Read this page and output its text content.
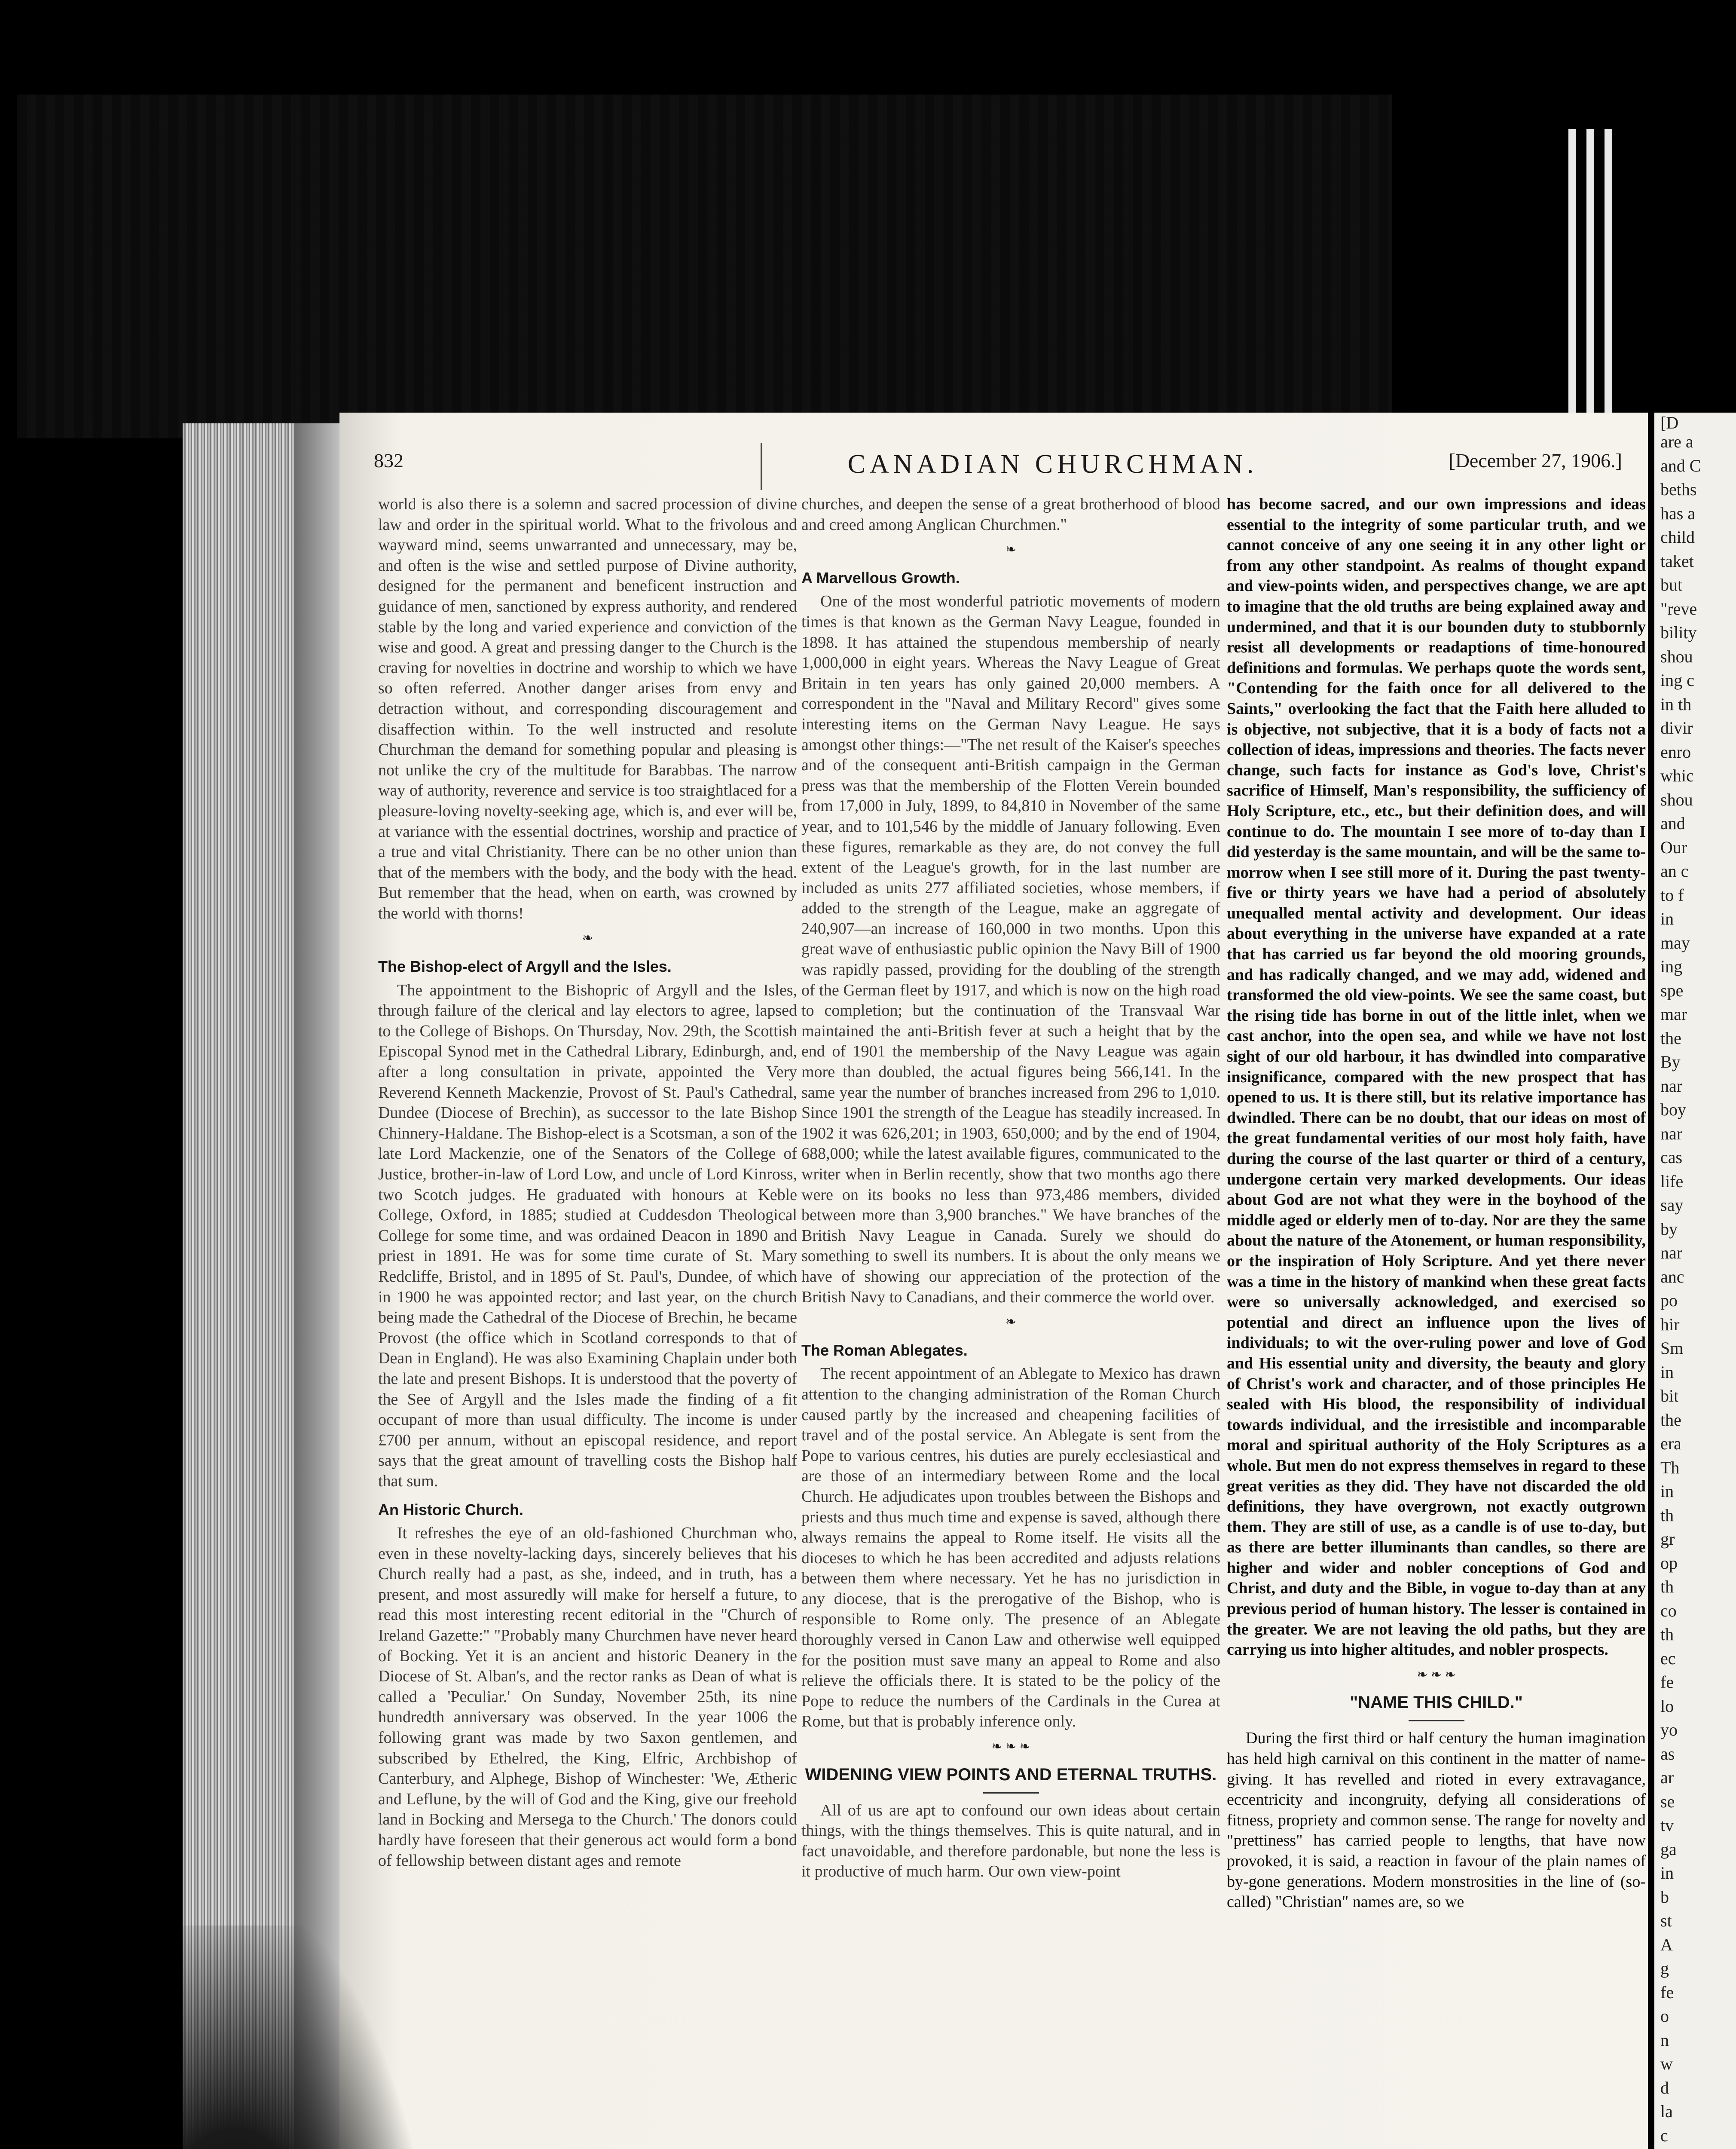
[D
are a
and C
beths
has a
child
taket
but
"reve
bility
shou
ing c
in th
divir
enro
whic
shou
and
Our
an c
to f
in
may
ing
spe
mar
the
By
nar
boy
nar
cas
life
say
by
nar
anc
po
hir
Sm
in
bit
the
era
Th
in
th
gr
op
th
co
th
ec
fe
lo
yo
as
ar
se
tv
ga
in
b
st
A
g
fe
o
n
w
d
la
c

832	CANADIAN CHURCHMAN.	[December 27, 1906.]

world is also there is a solemn and sacred procession of divine law and order in the spiritual world. What to the frivolous and wayward mind, seems unwarranted and unnecessary, may be, and often is the wise and settled purpose of Divine authority, designed for the permanent and beneficent instruction and guidance of men, sanctioned by express authority, and rendered stable by the long and varied experience and conviction of the wise and good. A great and pressing danger to the Church is the craving for novelties in doctrine and worship to which we have so often referred. Another danger arises from envy and detraction without, and corresponding discouragement and disaffection within. To the well instructed and resolute Churchman the demand for something popular and pleasing is not unlike the cry of the multitude for Barabbas. The narrow way of authority, reverence and service is too straightlaced for a pleasure-loving novelty-seeking age, which is, and ever will be, at variance with the essential doctrines, worship and practice of a true and vital Christianity. There can be no other union than that of the members with the body, and the body with the head. But remember that the head, when on earth, was crowned by the world with thorns!

❧
The Bishop-elect of Argyll and the Isles.

The appointment to the Bishopric of Argyll and the Isles, through failure of the clerical and lay electors to agree, lapsed to the College of Bishops. On Thursday, Nov. 29th, the Scottish Episcopal Synod met in the Cathedral Library, Edinburgh, and, after a long consultation in private, appointed the Very Reverend Kenneth Mackenzie, Provost of St. Paul's Cathedral, Dundee (Diocese of Brechin), as successor to the late Bishop Chinnery-Haldane. The Bishop-elect is a Scotsman, a son of the late Lord Mackenzie, one of the Senators of the College of Justice, brother-in-law of Lord Low, and uncle of Lord Kinross, two Scotch judges. He graduated with honours at Keble College, Oxford, in 1885; studied at Cuddesdon Theological College for some time, and was ordained Deacon in 1890 and priest in 1891. He was for some time curate of St. Mary Redcliffe, Bristol, and in 1895 of St. Paul's, Dundee, of which in 1900 he was appointed rector; and last year, on the church being made the Cathedral of the Diocese of Brechin, he became Provost (the office which in Scotland corresponds to that of Dean in England). He was also Examining Chaplain under both the late and present Bishops. It is understood that the poverty of the See of Argyll and the Isles made the finding of a fit occupant of more than usual difficulty. The income is under £700 per annum, without an episcopal residence, and report says that the great amount of travelling costs the Bishop half that sum.

An Historic Church.

It refreshes the eye of an old-fashioned Churchman who, even in these novelty-lacking days, sincerely believes that his Church really had a past, as she, indeed, and in truth, has a present, and most assuredly will make for herself a future, to read this most interesting recent editorial in the "Church of Ireland Gazette:" "Probably many Churchmen have never heard of Bocking. Yet it is an ancient and historic Deanery in the Diocese of St. Alban's, and the rector ranks as Dean of what is called a 'Peculiar.' On Sunday, November 25th, its nine hundredth anniversary was observed. In the year 1006 the following grant was made by two Saxon gentlemen, and subscribed by Ethelred, the King, Elfric, Archbishop of Canterbury, and Alphege, Bishop of Winchester: 'We, Ætheric and Leflune, by the will of God and the King, give our freehold land in Bocking and Mersega to the Church.' The donors could hardly have foreseen that their generous act would form a bond of fellowship between distant ages and remote

churches, and deepen the sense of a great brotherhood of blood and creed among Anglican Churchmen."

❧
A Marvellous Growth.

One of the most wonderful patriotic movements of modern times is that known as the German Navy League, founded in 1898. It has attained the stupendous membership of nearly 1,000,000 in eight years. Whereas the Navy League of Great Britain in ten years has only gained 20,000 members. A correspondent in the "Naval and Military Record" gives some interesting items on the German Navy League. He says amongst other things:—"The net result of the Kaiser's speeches and of the consequent anti-British campaign in the German press was that the membership of the Flotten Verein bounded from 17,000 in July, 1899, to 84,810 in November of the same year, and to 101,546 by the middle of January following. Even these figures, remarkable as they are, do not convey the full extent of the League's growth, for in the last number are included as units 277 affiliated societies, whose members, if added to the strength of the League, make an aggregate of 240,907—an increase of 160,000 in two months. Upon this great wave of enthusiastic public opinion the Navy Bill of 1900 was rapidly passed, providing for the doubling of the strength of the German fleet by 1917, and which is now on the high road to completion; but the continuation of the Transvaal War maintained the anti-British fever at such a height that by the end of 1901 the membership of the Navy League was again more than doubled, the actual figures being 566,141. In the same year the number of branches increased from 296 to 1,010. Since 1901 the strength of the League has steadily increased. In 1902 it was 626,201; in 1903, 650,000; and by the end of 1904, 688,000; while the latest available figures, communicated to the writer when in Berlin recently, show that two months ago there were on its books no less than 973,486 members, divided between more than 3,900 branches." We have branches of the British Navy League in Canada. Surely we should do something to swell its numbers. It is about the only means we have of showing our appreciation of the protection of the British Navy to Canadians, and their commerce the world over.

❧
The Roman Ablegates.

The recent appointment of an Ablegate to Mexico has drawn attention to the changing administration of the Roman Church caused partly by the increased and cheapening facilities of travel and of the postal service. An Ablegate is sent from the Pope to various centres, his duties are purely ecclesiastical and are those of an intermediary between Rome and the local Church. He adjudicates upon troubles between the Bishops and priests and thus much time and expense is saved, although there always remains the appeal to Rome itself. He visits all the dioceses to which he has been accredited and adjusts relations between them where necessary. Yet he has no jurisdiction in any diocese, that is the prerogative of the Bishop, who is responsible to Rome only. The presence of an Ablegate thoroughly versed in Canon Law and otherwise well equipped for the position must save many an appeal to Rome and also relieve the officials there. It is stated to be the policy of the Pope to reduce the numbers of the Cardinals in the Curea at Rome, but that is probably inference only.

❧ ❧ ❧
WIDENING VIEW POINTS AND ETERNAL TRUTHS.

All of us are apt to confound our own ideas about certain things, with the things themselves. This is quite natural, and in fact unavoidable, and therefore pardonable, but none the less is it productive of much harm. Our own view-point

has become sacred, and our own impressions and ideas essential to the integrity of some particular truth, and we cannot conceive of any one seeing it in any other light or from any other standpoint. As realms of thought expand and view-points widen, and perspectives change, we are apt to imagine that the old truths are being explained away and undermined, and that it is our bounden duty to stubbornly resist all developments or readaptions of time-honoured definitions and formulas. We perhaps quote the words sent, "Contending for the faith once for all delivered to the Saints," overlooking the fact that the Faith here alluded to is objective, not subjective, that it is a body of facts not a collection of ideas, impressions and theories. The facts never change, such facts for instance as God's love, Christ's sacrifice of Himself, Man's responsibility, the sufficiency of Holy Scripture, etc., etc., but their definition does, and will continue to do. The mountain I see more of to-day than I did yesterday is the same mountain, and will be the same to-morrow when I see still more of it. During the past twenty-five or thirty years we have had a period of absolutely unequalled mental activity and development. Our ideas about everything in the universe have expanded at a rate that has carried us far beyond the old mooring grounds, and has radically changed, and we may add, widened and transformed the old view-points. We see the same coast, but the rising tide has borne in out of the little inlet, when we cast anchor, into the open sea, and while we have not lost sight of our old harbour, it has dwindled into comparative insignificance, compared with the new prospect that has opened to us. It is there still, but its relative importance has dwindled. There can be no doubt, that our ideas on most of the great fundamental verities of our most holy faith, have during the course of the last quarter or third of a century, undergone certain very marked developments. Our ideas about God are not what they were in the boyhood of the middle aged or elderly men of to-day. Nor are they the same about the nature of the Atonement, or human responsibility, or the inspiration of Holy Scripture. And yet there never was a time in the history of mankind when these great facts were so universally acknowledged, and exercised so potential and direct an influence upon the lives of individuals; to wit the over-ruling power and love of God and His essential unity and diversity, the beauty and glory of Christ's work and character, and of those principles He sealed with His blood, the responsibility of individual towards individual, and the irresistible and incomparable moral and spiritual authority of the Holy Scriptures as a whole. But men do not express themselves in regard to these great verities as they did. They have not discarded the old definitions, they have overgrown, not exactly outgrown them. They are still of use, as a candle is of use to-day, but as there are better illuminants than candles, so there are higher and wider and nobler conceptions of God and Christ, and duty and the Bible, in vogue to-day than at any previous period of human history. The lesser is contained in the greater. We are not leaving the old paths, but they are carrying us into higher altitudes, and nobler prospects.

❧ ❧ ❧
"NAME THIS CHILD."

During the first third or half century the human imagination has held high carnival on this continent in the matter of name-giving. It has revelled and rioted in every extravagance, eccentricity and incongruity, defying all considerations of fitness, propriety and common sense. The range for novelty and "prettiness" has carried people to lengths, that have now provoked, it is said, a reaction in favour of the plain names of by-gone generations. Modern monstrosities in the line of (so-called) "Christian" names are, so we
